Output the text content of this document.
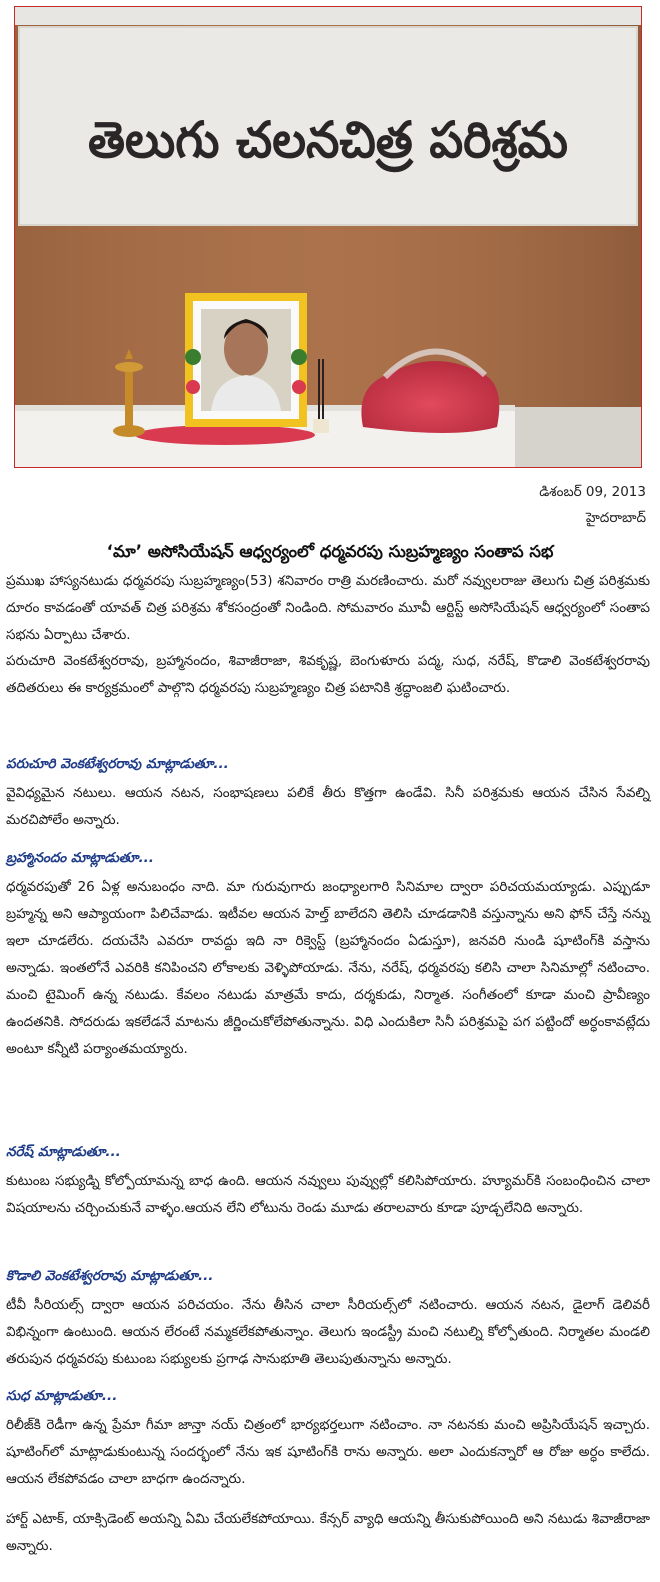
తెలుగు చలనచిత్ర పరిశ్రమ
డిశంబర్ 09, 2013
హైదరాబాద్
‘మా’ అసోసియేషన్ ఆధ్వర్యంలో ధర్మవరపు సుబ్రహ్మణ్యం సంతాప సభ
ప్రముఖ హాస్యనటుడు ధర్మవరపు సుబ్రహ్మణ్యం(53) శనివారం రాత్రి మరణించారు. మరో నవ్వులరాజు తెలుగు చిత్ర పరిశ్రమకు దూరం కావడంతో యావత్ చిత్ర పరిశ్రమ శోకసంద్రంతో నిండింది. సోమవారం మూవీ ఆర్టిస్ట్ అసోసియేషన్ ఆధ్వర్యంలో సంతాప సభను ఏర్పాటు చేశారు.
పరుచూరి వెంకటేశ్వరరావు, బ్రహ్మానందం, శివాజీరాజా, శివకృష్ణ, బెంగుళూరు పద్మ, సుధ, నరేష్, కొడాలి వెంకటేశ్వరరావు తదితరులు ఈ కార్యక్రమంలో పాల్గొని ధర్మవరపు సుబ్రహ్మణ్యం చిత్ర పటానికి శ్రద్ధాంజలి ఘటించారు.
పరుచూరి వెంకటేశ్వరరావు మాట్లాడుతూ...
వైవిధ్యమైన నటులు. ఆయన నటన, సంభాషణలు పలికే తీరు కొత్తగా ఉండేవి. సినీ పరిశ్రమకు ఆయన చేసిన సేవల్ని మరచిపోలేం అన్నారు.
బ్రహ్మానందం మాట్లాడుతూ...
ధర్మవరపుతో 26 ఏళ్ల అనుబంధం నాది. మా గురువుగారు జంధ్యాలగారి సినిమాల ద్వారా పరిచయమయ్యాడు. ఎప్పుడూ బ్రహ్మన్న అని ఆప్యాయంగా పిలిచేవాడు. ఇటీవల ఆయన హెల్త్ బాలేదని తెలిసి చూడడానికి వస్తున్నాను అని ఫోన్ చేస్తే నన్ను ఇలా చూడలేరు. దయచేసి ఎవరూ రావద్దు ఇది నా రిక్వెస్ట్ (బ్రహ్మానందం ఏడుస్తూ), జనవరి నుండి షూటింగ్‌కి వస్తాను అన్నాడు. ఇంతలోనే ఎవరికి కనిపించని లోకాలకు వెళ్ళిపోయాడు. నేను, నరేష్, ధర్మవరపు కలిసి చాలా సినిమాల్లో నటించాం. మంచి టైమింగ్ ఉన్న నటుడు. కేవలం నటుడు మాత్రమే కాదు, దర్శకుడు, నిర్మాత. సంగీతంలో కూడా మంచి ప్రావీణ్యం ఉందతనికి. సోదరుడు ఇకలేడనే మాటను జీర్ణించుకోలేపోతున్నాను. విధి ఎందుకిలా సినీ పరిశ్రమపై పగ పట్టిందో అర్ధంకావట్లేదు అంటూ కన్నీటి పర్యాంతమయ్యారు.
నరేష్ మాట్లాడుతూ...
కుటుంబ సభ్యుడ్ని కోల్పోయామన్న బాధ ఉంది. ఆయన నవ్వులు పువ్వుల్లో కలిసిపోయారు. హ్యూమర్‌కి సంబంధించిన చాలా విషయాలను చర్చించుకునే వాళ్ళం.ఆయన లేని లోటును రెండు మూడు తరాలవారు కూడా పూడ్చలేనిది అన్నారు.
కొడాలి వెంకటేశ్వరరావు మాట్లాడుతూ...
టీవీ సీరియల్స్ ద్వారా ఆయన పరిచయం. నేను తీసిన చాలా సీరియల్స్‌లో నటించారు. ఆయన నటన, డైలాగ్ డెలివరీ విభిన్నంగా ఉంటుంది. ఆయన లేరంటే నమ్మకలేకపోతున్నాం. తెలుగు ఇండస్ట్రీ మంచి నటుల్ని కోల్పోతుంది. నిర్మాతల మండలి తరుపున ధర్మవరపు కుటుంబ సభ్యులకు ప్రగాఢ సానుభూతి తెలుపుతున్నాను అన్నారు.
సుధ మాట్లాడుతూ...
రిలీజ్‌కి రెడీగా ఉన్న ప్రేమా గీమా జాన్తా నయ్ చిత్రంలో భార్యభర్తలుగా నటించాం. నా నటనకు మంచి అప్రిసియేషన్ ఇచ్చారు. షూటింగ్‌లో మాట్లాడుకుంటున్న సందర్భంలో నేను ఇక షూటింగ్‌కి రాను అన్నారు. అలా ఎందుకన్నారో ఆ రోజు అర్ధం కాలేదు. ఆయన లేకపోవడం చాలా బాధగా ఉందన్నారు.
హార్ట్ ఎటాక్, యాక్సిడెంట్ అయన్ని ఏమి చేయలేకపోయాయి. కేన్సర్ వ్యాధి ఆయన్ని తీసుకుపోయింది అని నటుడు శివాజీరాజా అన్నారు.
